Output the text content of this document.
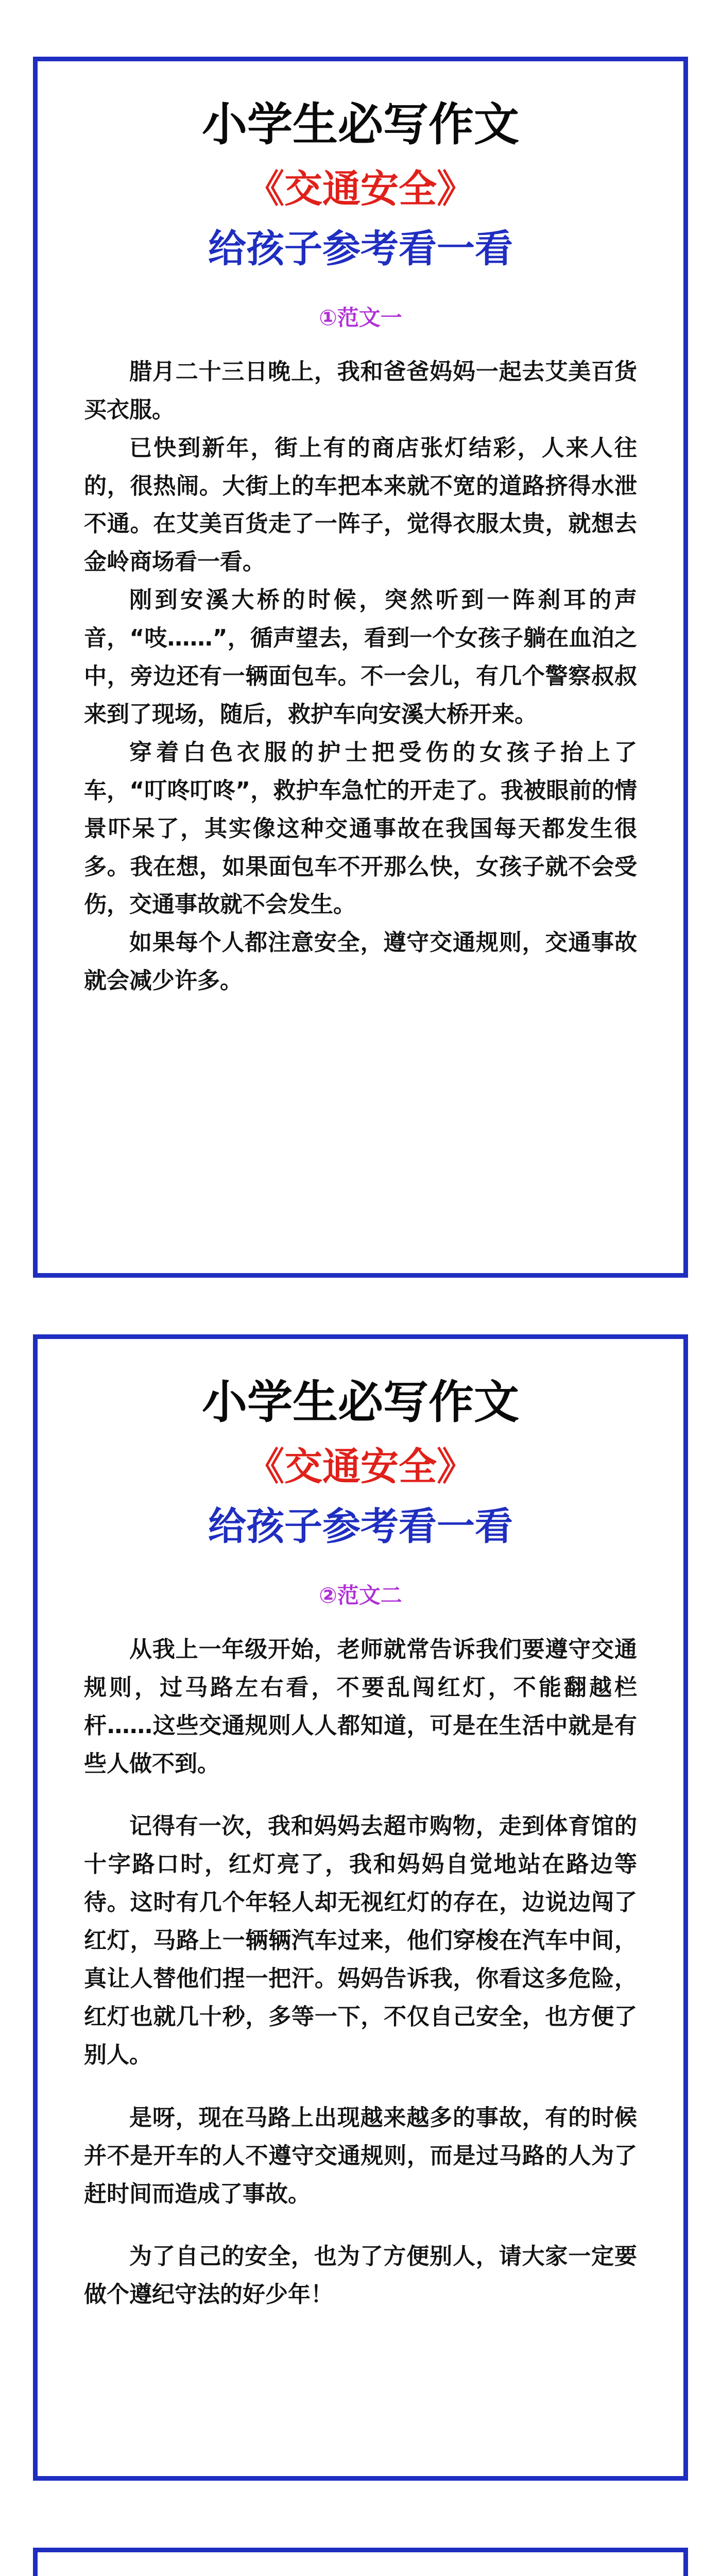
小学生必写作文
《交通安全》
给孩子参考看一看
①范文一

腊月二十三日晚上，我和爸爸妈妈一起去艾美百货买衣服。

已快到新年，街上有的商店张灯结彩，人来人往的，很热闹。大街上的车把本来就不宽的道路挤得水泄不通。在艾美百货走了一阵子，觉得衣服太贵，就想去金岭商场看一看。

刚到安溪大桥的时候，突然听到一阵刹耳的声音，“吱……”，循声望去，看到一个女孩子躺在血泊之中，旁边还有一辆面包车。不一会儿，有几个警察叔叔来到了现场，随后，救护车向安溪大桥开来。

穿着白色衣服的护士把受伤的女孩子抬上了车，“叮咚叮咚”，救护车急忙的开走了。我被眼前的情景吓呆了，其实像这种交通事故在我国每天都发生很多。我在想，如果面包车不开那么快，女孩子就不会受伤，交通事故就不会发生。

如果每个人都注意安全，遵守交通规则，交通事故就会减少许多。

小学生必写作文
《交通安全》
给孩子参考看一看
②范文二

从我上一年级开始，老师就常告诉我们要遵守交通规则，过马路左右看，不要乱闯红灯，不能翻越栏杆……这些交通规则人人都知道，可是在生活中就是有些人做不到。

记得有一次，我和妈妈去超市购物，走到体育馆的十字路口时，红灯亮了，我和妈妈自觉地站在路边等待。这时有几个年轻人却无视红灯的存在，边说边闯了红灯，马路上一辆辆汽车过来，他们穿梭在汽车中间，真让人替他们捏一把汗。妈妈告诉我，你看这多危险，红灯也就几十秒，多等一下，不仅自己安全，也方便了别人。

是呀，现在马路上出现越来越多的事故，有的时候并不是开车的人不遵守交通规则，而是过马路的人为了赶时间而造成了事故。

为了自己的安全，也为了方便别人，请大家一定要做个遵纪守法的好少年！
